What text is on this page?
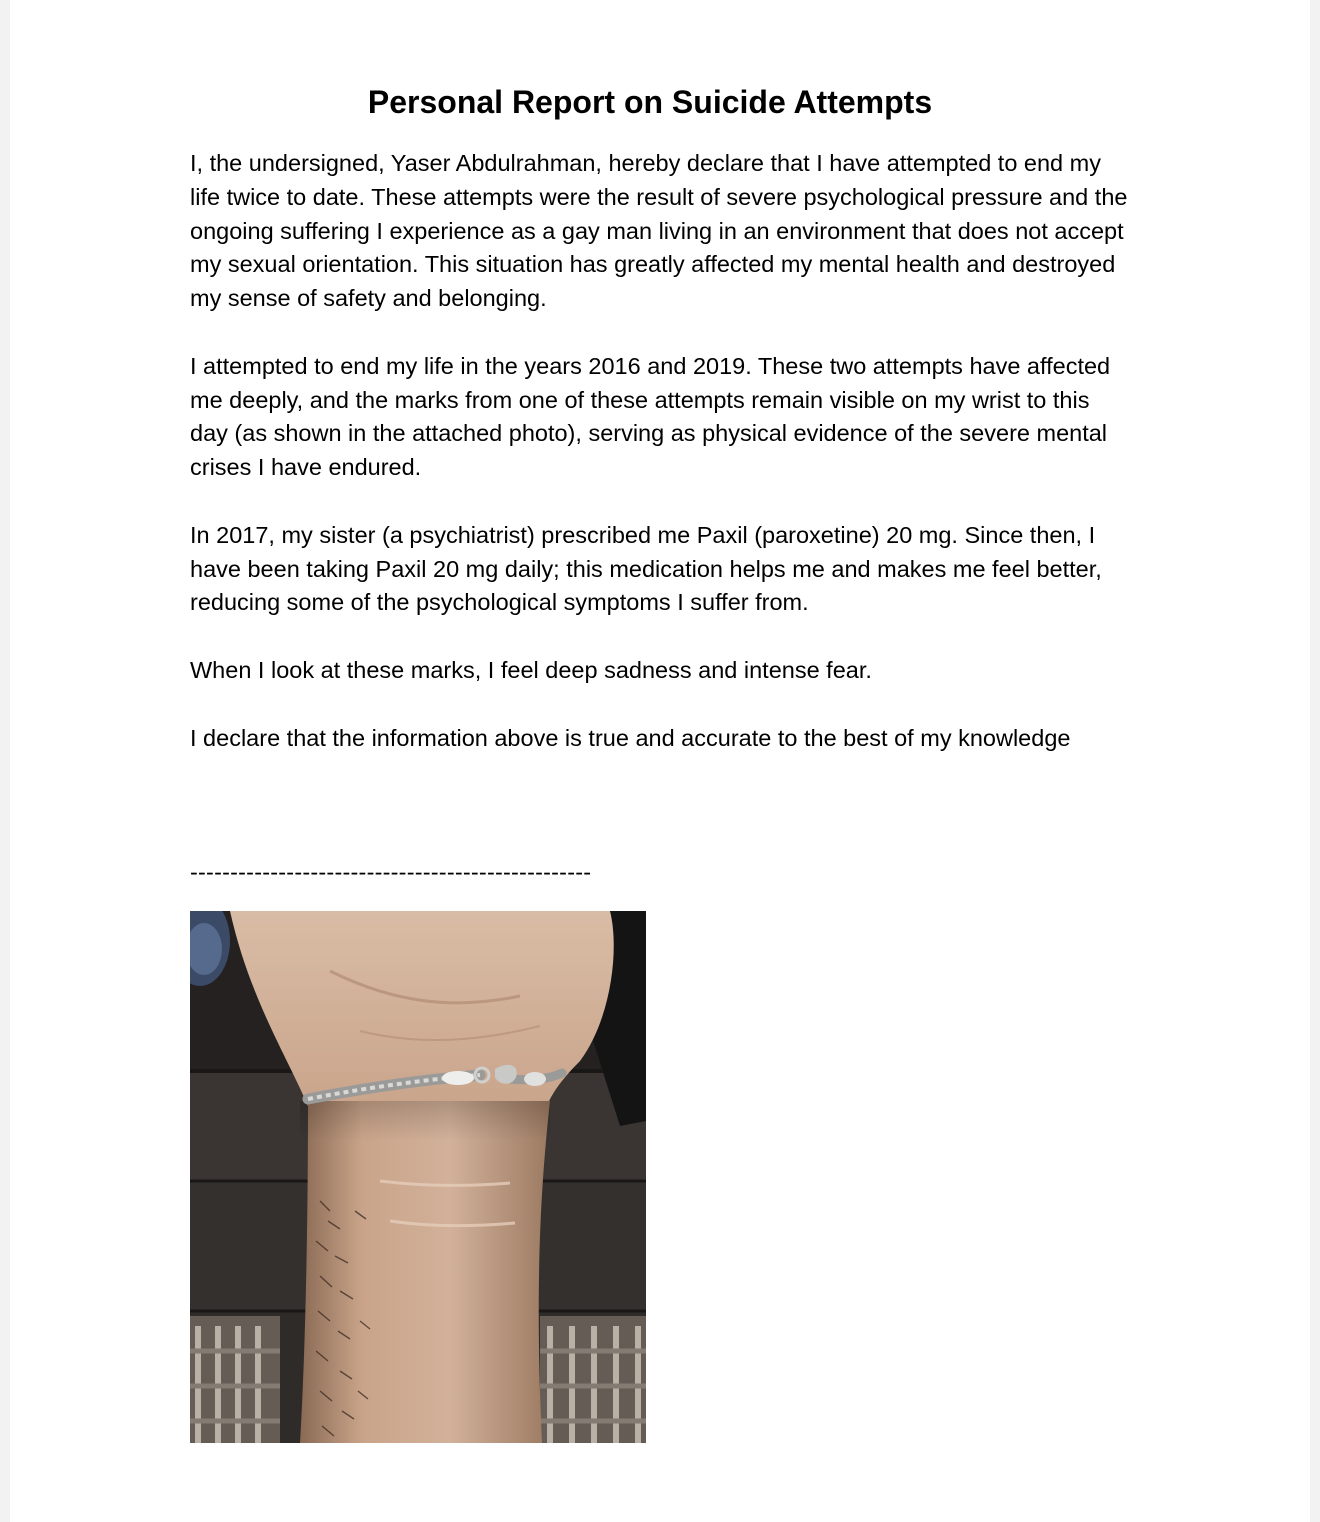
Personal Report on Suicide Attempts

I, the undersigned, Yaser Abdulrahman, hereby declare that I have attempted to end my life twice to date. These attempts were the result of severe psychological pressure and the ongoing suffering I experience as a gay man living in an environment that does not accept my sexual orientation. This situation has greatly affected my mental health and destroyed my sense of safety and belonging.

I attempted to end my life in the years 2016 and 2019. These two attempts have affected me deeply, and the marks from one of these attempts remain visible on my wrist to this day (as shown in the attached photo), serving as physical evidence of the severe mental crises I have endured.

In 2017, my sister (a psychiatrist) prescribed me Paxil (paroxetine) 20 mg. Since then, I have been taking Paxil 20 mg daily; this medication helps me and makes me feel better, reducing some of the psychological symptoms I suffer from.

When I look at these marks, I feel deep sadness and intense fear.

I declare that the information above is true and accurate to the best of my knowledge

--------------------------------------------------
